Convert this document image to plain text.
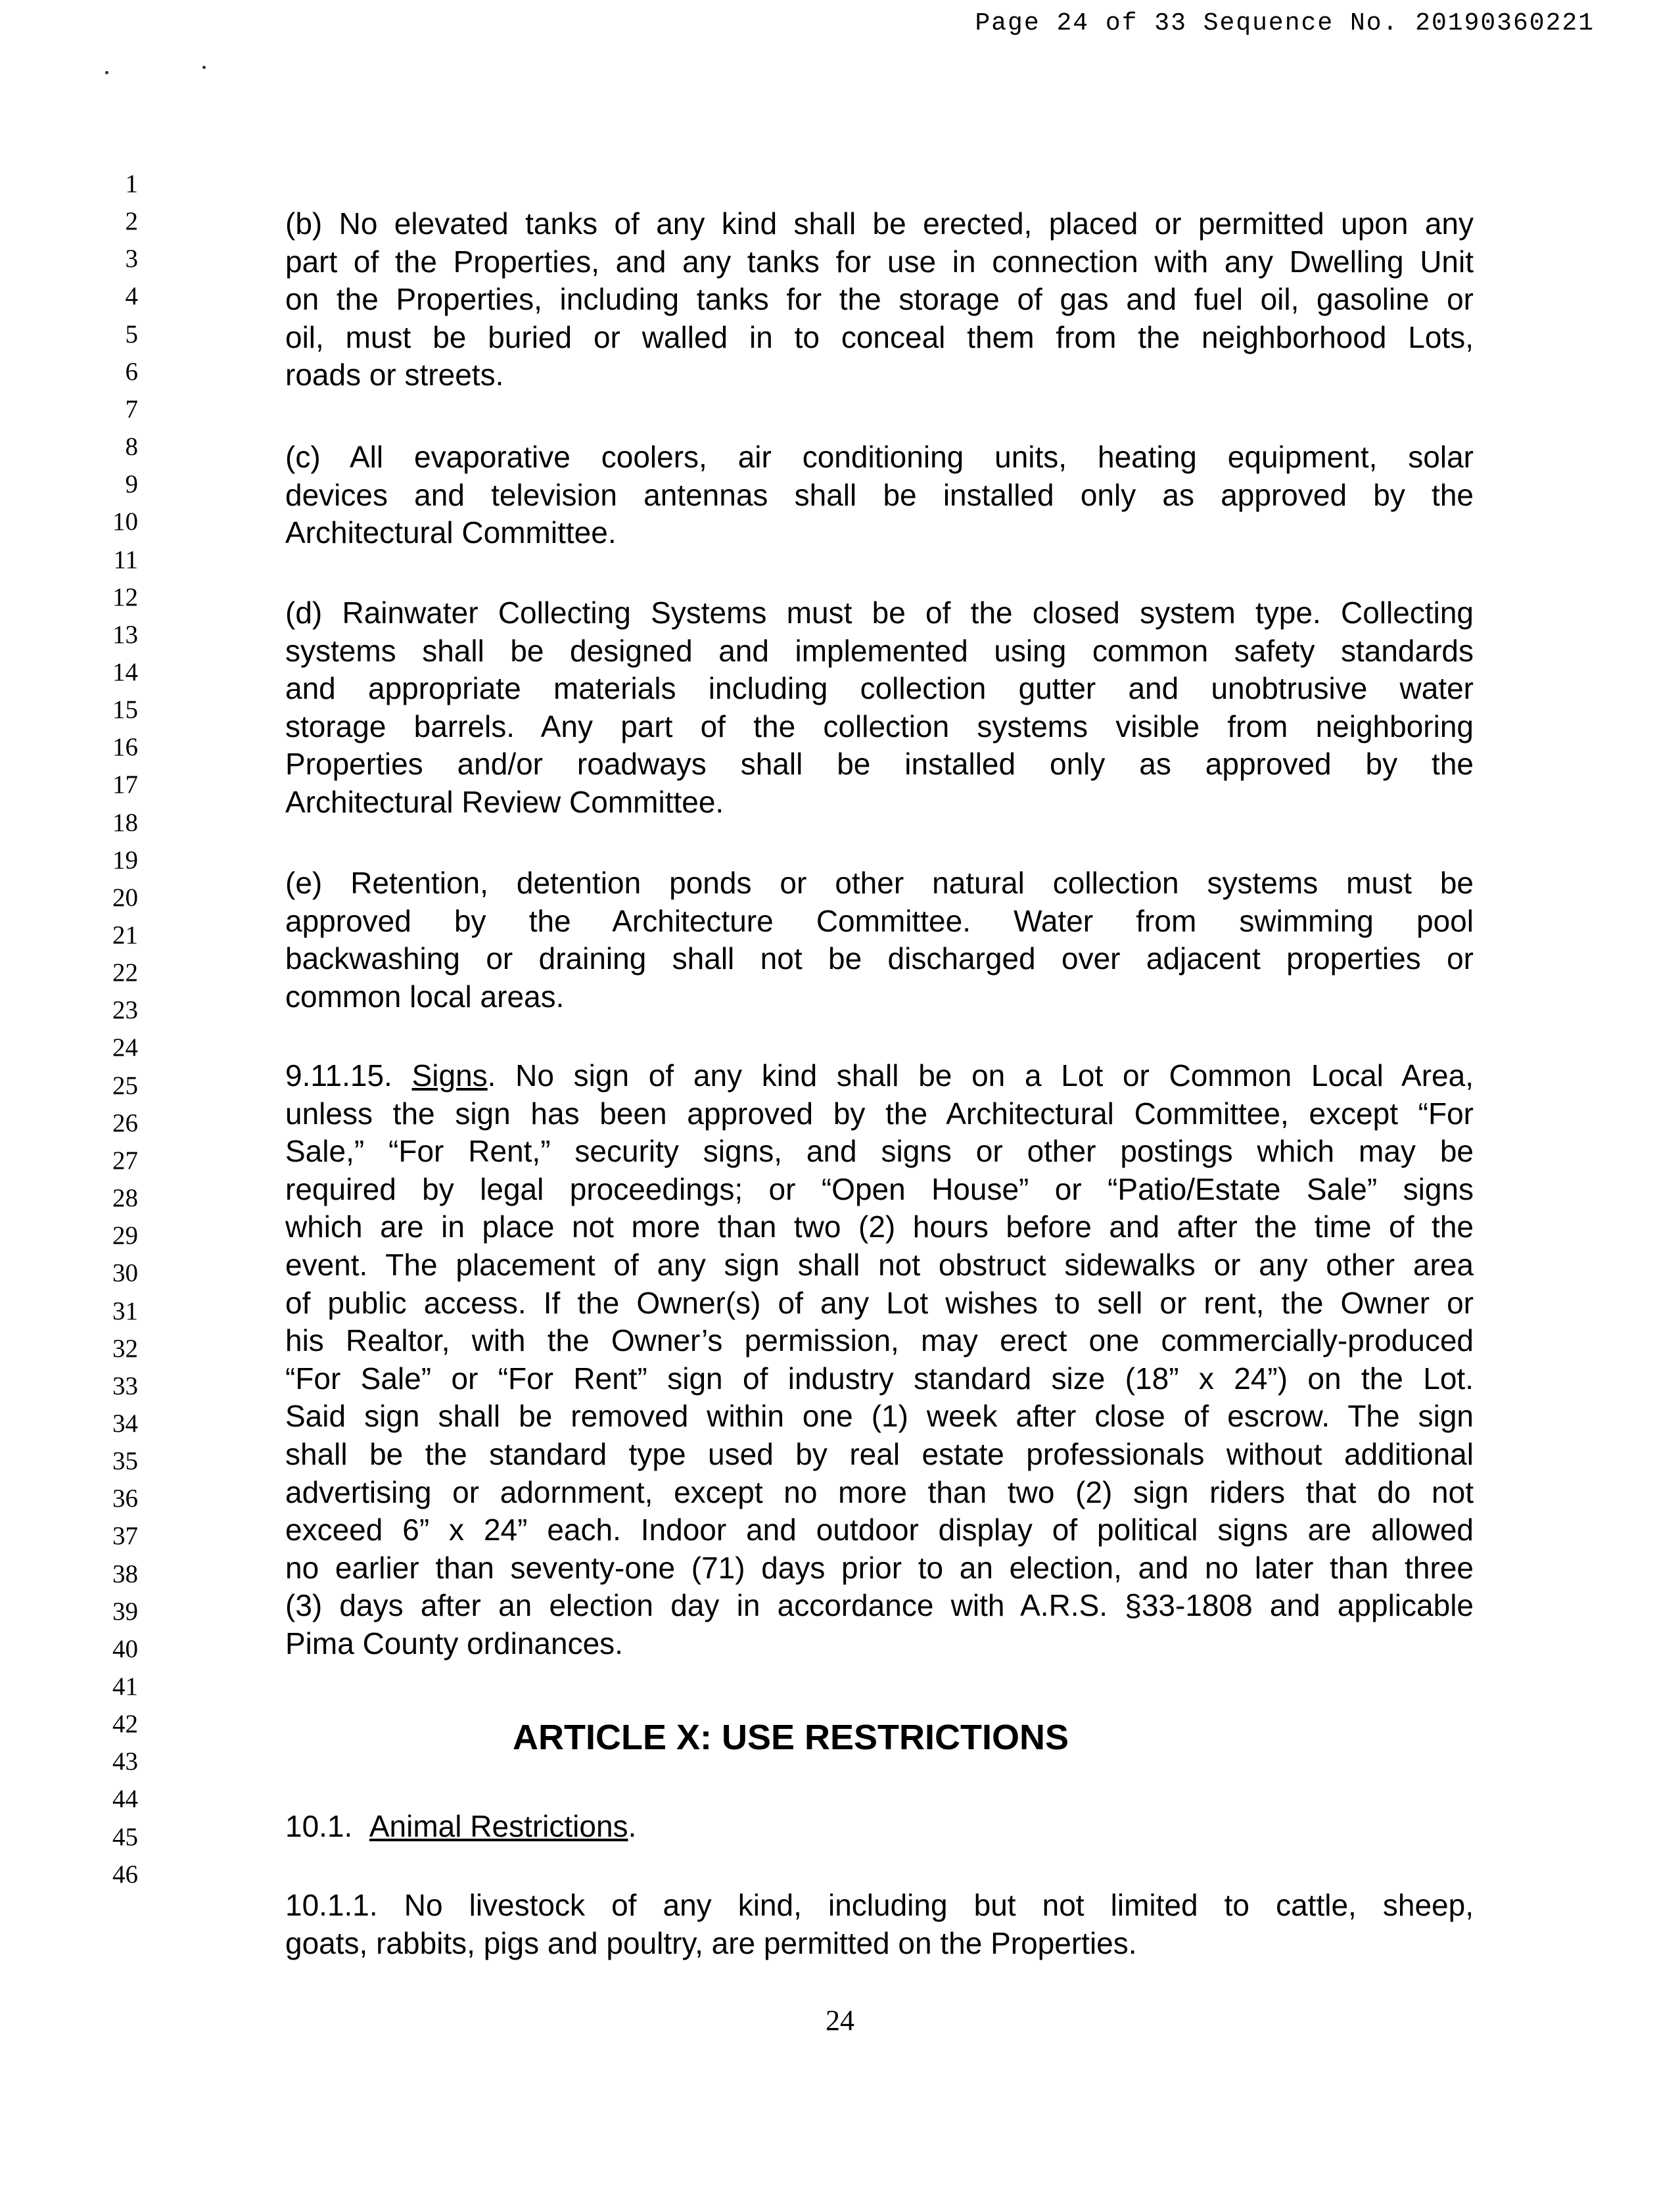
Page 24 of 33 Sequence No. 20190360221
1
2
3
4
5
6
7
8
9
10
11
12
13
14
15
16
17
18
19
20
21
22
23
24
25
26
27
28
29
30
31
32
33
34
35
36
37
38
39
40
41
42
43
44
45
46
(b) No elevated tanks of any kind shall be erected, placed or permitted upon any
part of the Properties, and any tanks for use in connection with any Dwelling Unit
on the Properties, including tanks for the storage of gas and fuel oil, gasoline or
oil, must be buried or walled in to conceal them from the neighborhood Lots,
roads or streets.
(c) All evaporative coolers, air conditioning units, heating equipment, solar
devices and television antennas shall be installed only as approved by the
Architectural Committee.
(d) Rainwater Collecting Systems must be of the closed system type. Collecting
systems shall be designed and implemented using common safety standards
and appropriate materials including collection gutter and unobtrusive water
storage barrels. Any part of the collection systems visible from neighboring
Properties and/or roadways shall be installed only as approved by the
Architectural Review Committee.
(e) Retention, detention ponds or other natural collection systems must be
approved by the Architecture Committee. Water from swimming pool
backwashing or draining shall not be discharged over adjacent properties or
common local areas.
9.11.15. Signs. No sign of any kind shall be on a Lot or Common Local Area,
unless the sign has been approved by the Architectural Committee, except “For
Sale,” “For Rent,” security signs, and signs or other postings which may be
required by legal proceedings; or “Open House” or “Patio/Estate Sale” signs
which are in place not more than two (2) hours before and after the time of the
event. The placement of any sign shall not obstruct sidewalks or any other area
of public access. If the Owner(s) of any Lot wishes to sell or rent, the Owner or
his Realtor, with the Owner’s permission, may erect one commercially-produced
“For Sale” or “For Rent” sign of industry standard size (18” x 24”) on the Lot.
Said sign shall be removed within one (1) week after close of escrow. The sign
shall be the standard type used by real estate professionals without additional
advertising or adornment, except no more than two (2) sign riders that do not
exceed 6” x 24” each. Indoor and outdoor display of political signs are allowed
no earlier than seventy-one (71) days prior to an election, and no later than three
(3) days after an election day in accordance with A.R.S. §33-1808 and applicable
Pima County ordinances.
ARTICLE X: USE RESTRICTIONS
10.1. Animal Restrictions.
10.1.1. No livestock of any kind, including but not limited to cattle, sheep,
goats, rabbits, pigs and poultry, are permitted on the Properties.
24
